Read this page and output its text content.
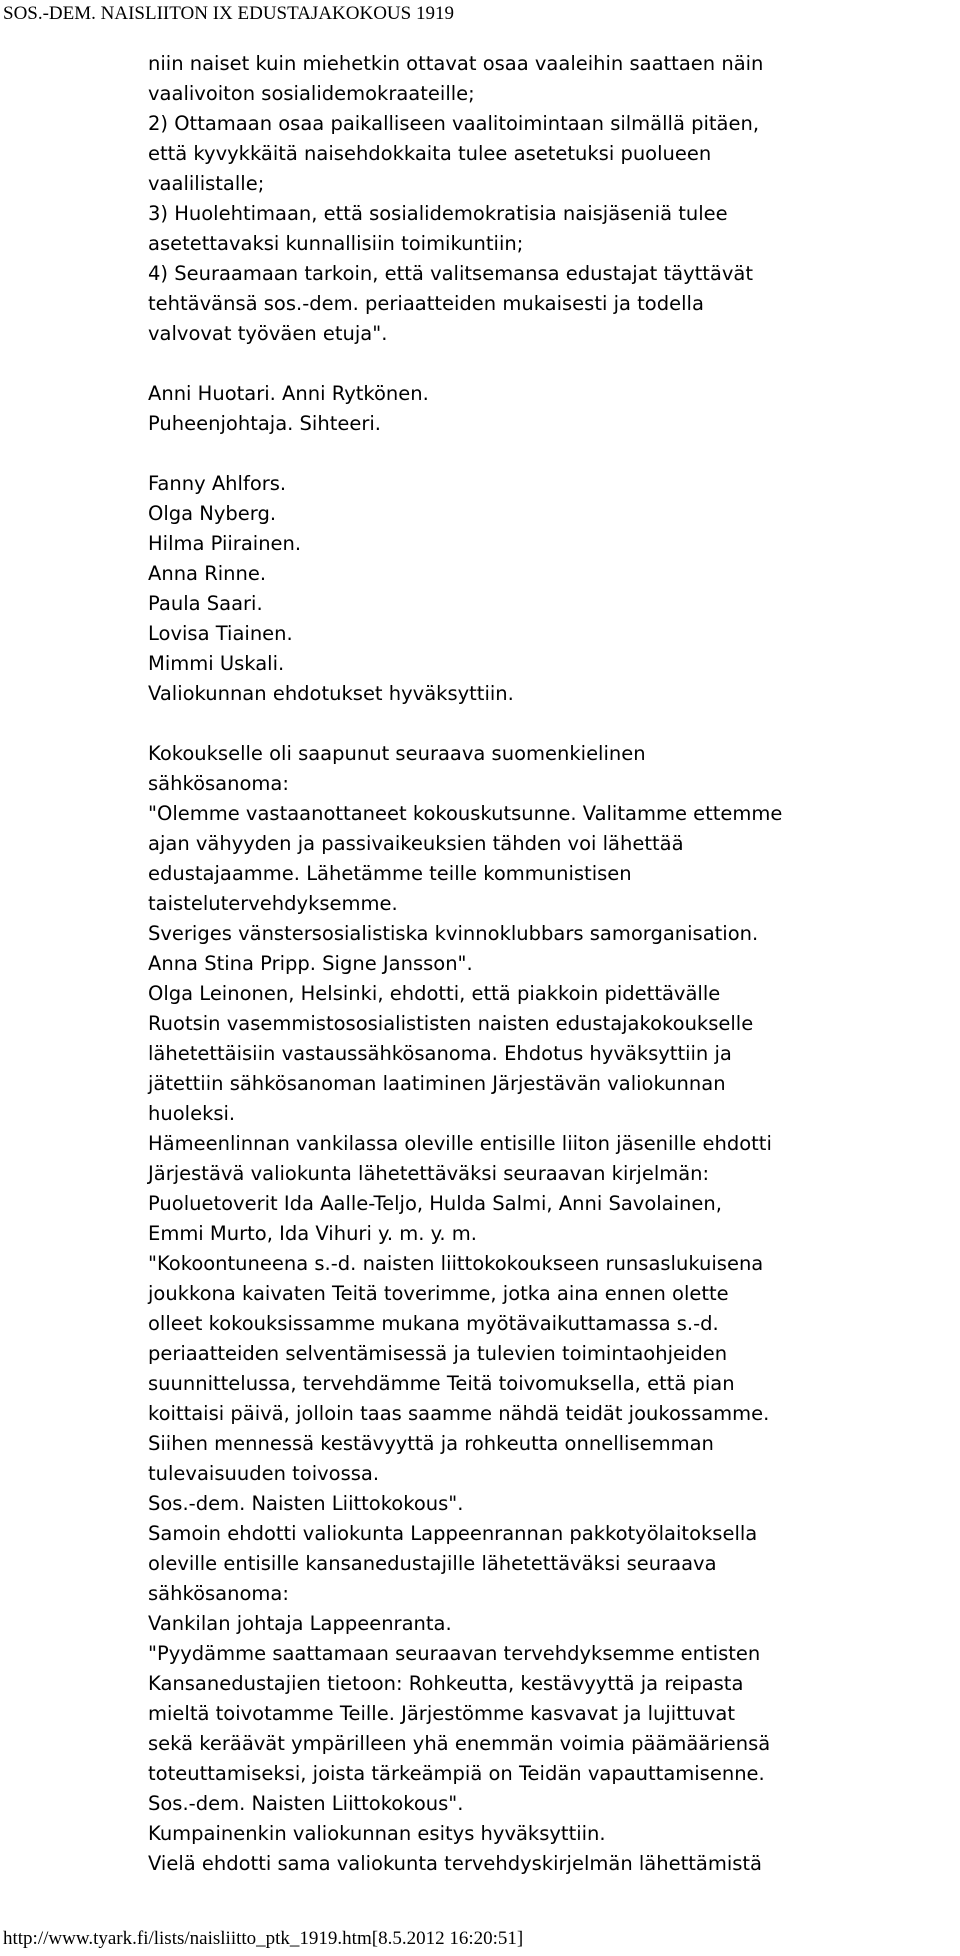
SOS.-DEM. NAISLIITON IX EDUSTAJAKOKOUS 1919
niin naiset kuin miehetkin ottavat osaa vaaleihin saattaen näin
vaalivoiton sosialidemokraateille;
2) Ottamaan osaa paikalliseen vaalitoimintaan silmällä pitäen,
että kyvykkäitä naisehdokkaita tulee asetetuksi puolueen
vaalilistalle;
3) Huolehtimaan, että sosialidemokratisia naisjäseniä tulee
asetettavaksi kunnallisiin toimikuntiin;
4) Seuraamaan tarkoin, että valitsemansa edustajat täyttävät
tehtävänsä sos.-dem. periaatteiden mukaisesti ja todella
valvovat työväen etuja".
Anni Huotari. Anni Rytkönen.
Puheenjohtaja. Sihteeri.
Fanny Ahlfors.
Olga Nyberg.
Hilma Piirainen.
Anna Rinne.
Paula Saari.
Lovisa Tiainen.
Mimmi Uskali.
Valiokunnan ehdotukset hyväksyttiin.
Kokoukselle oli saapunut seuraava suomenkielinen
sähkösanoma:
"Olemme vastaanottaneet kokouskutsunne. Valitamme ettemme
ajan vähyyden ja passivaikeuksien tähden voi lähettää
edustajaamme. Lähetämme teille kommunistisen
taistelutervehdyksemme.
Sveriges vänstersosialistiska kvinnoklubbars samorganisation.
Anna Stina Pripp. Signe Jansson".
Olga Leinonen, Helsinki, ehdotti, että piakkoin pidettävälle
Ruotsin vasemmistososialististen naisten edustajakokoukselle
lähetettäisiin vastaussähkösanoma. Ehdotus hyväksyttiin ja
jätettiin sähkösanoman laatiminen Järjestävän valiokunnan
huoleksi.
Hämeenlinnan vankilassa oleville entisille liiton jäsenille ehdotti
Järjestävä valiokunta lähetettäväksi seuraavan kirjelmän:
Puoluetoverit Ida Aalle-Teljo, Hulda Salmi, Anni Savolainen,
Emmi Murto, Ida Vihuri y. m. y. m.
"Kokoontuneena s.-d. naisten liittokokoukseen runsaslukuisena
joukkona kaivaten Teitä toverimme, jotka aina ennen olette
olleet kokouksissamme mukana myötävaikuttamassa s.-d.
periaatteiden selventämisessä ja tulevien toimintaohjeiden
suunnittelussa, tervehdämme Teitä toivomuksella, että pian
koittaisi päivä, jolloin taas saamme nähdä teidät joukossamme.
Siihen mennessä kestävyyttä ja rohkeutta onnellisemman
tulevaisuuden toivossa.
Sos.-dem. Naisten Liittokokous".
Samoin ehdotti valiokunta Lappeenrannan pakkotyölaitoksella
oleville entisille kansanedustajille lähetettäväksi seuraava
sähkösanoma:
Vankilan johtaja Lappeenranta.
"Pyydämme saattamaan seuraavan tervehdyksemme entisten
Kansanedustajien tietoon: Rohkeutta, kestävyyttä ja reipasta
mieltä toivotamme Teille. Järjestömme kasvavat ja lujittuvat
sekä keräävät ympärilleen yhä enemmän voimia päämääriensä
toteuttamiseksi, joista tärkeämpiä on Teidän vapauttamisenne.
Sos.-dem. Naisten Liittokokous".
Kumpainenkin valiokunnan esitys hyväksyttiin.
Vielä ehdotti sama valiokunta tervehdyskirjelmän lähettämistä
http://www.tyark.fi/lists/naisliitto_ptk_1919.htm[8.5.2012 16:20:51]
